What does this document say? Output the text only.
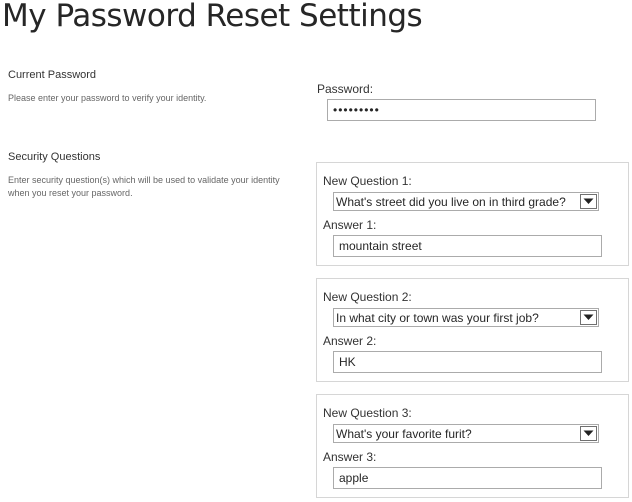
My Password Reset Settings
Current Password
Please enter your password to verify your identity.
Password:
•••••••••
Security Questions
Enter security question(s) which will be used to validate your identity when you reset your password.
New Question 1:
What's street did you live on in third grade?
Answer 1:
mountain street
New Question 2:
In what city or town was your first job?
Answer 2:
HK
New Question 3:
What's your favorite furit?
Answer 3:
apple
